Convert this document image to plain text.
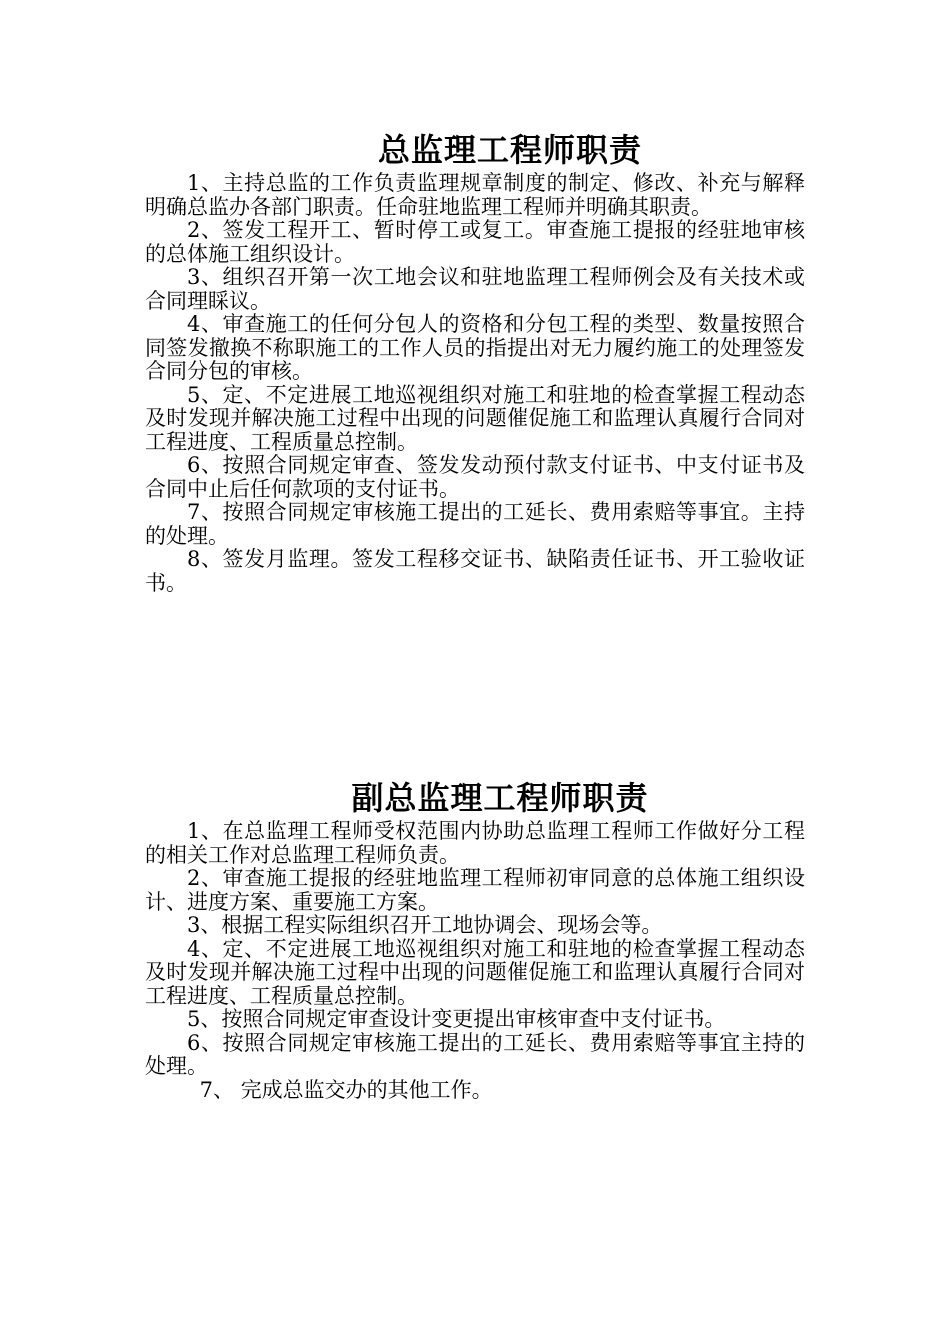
总监理工程师职责

1、主持总监的工作负责监理规章制度的制定、修改、补充与解释明确总监办各部门职责。任命驻地监理工程师并明确其职责。

2、签发工程开工、暂时停工或复工。审查施工提报的经驻地审核的总体施工组织设计。

3、组织召开第一次工地会议和驻地监理工程师例会及有关技术或合同理睬议。

4、审查施工的任何分包人的资格和分包工程的类型、数量按照合同签发撤换不称职施工的工作人员的指提出对无力履约施工的处理签发合同分包的审核。

5、定、不定进展工地巡视组织对施工和驻地的检查掌握工程动态及时发现并解决施工过程中出现的问题催促施工和监理认真履行合同对工程进度、工程质量总控制。

6、按照合同规定审查、签发发动预付款支付证书、中支付证书及合同中止后任何款项的支付证书。

7、按照合同规定审核施工提出的工延长、费用索赔等事宜。主持的处理。

8、签发月监理。签发工程移交证书、缺陷责任证书、开工验收证书。

副总监理工程师职责

1、在总监理工程师受权范围内协助总监理工程师工作做好分工程的相关工作对总监理工程师负责。

2、审查施工提报的经驻地监理工程师初审同意的总体施工组织设计、进度方案、重要施工方案。

3、根据工程实际组织召开工地协调会、现场会等。

4、定、不定进展工地巡视组织对施工和驻地的检查掌握工程动态及时发现并解决施工过程中出现的问题催促施工和监理认真履行合同对工程进度、工程质量总控制。

5、按照合同规定审查设计变更提出审核审查中支付证书。

6、按照合同规定审核施工提出的工延长、费用索赔等事宜主持的处理。

7、 完成总监交办的其他工作。
